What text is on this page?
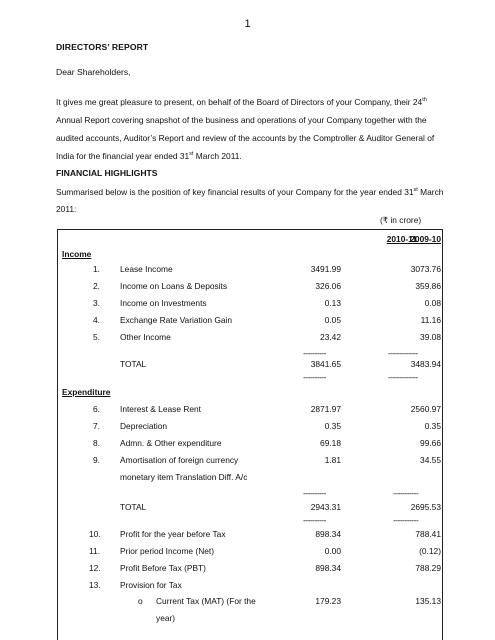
1
DIRECTORS’ REPORT
Dear Shareholders,
It gives me great pleasure to present, on behalf of the Board of Directors of your Company, their 24th Annual Report covering snapshot of the business and operations of your Company together with the audited accounts, Auditor’s Report and review of the accounts by the Comptroller & Auditor General of India for the financial year ended 31st March 2011.
FINANCIAL HIGHLIGHTS
Summarised below is the position of key financial results of your Company for the year ended 31st March 2011:
(₹ in crore)
2010-11
2009-10
Income
1. Lease Income	3491.99	3073.76
2. Income on Loans & Deposits	326.06	359.86
3. Income on Investments	0.13	0.08
4. Exchange Rate Variation Gain	0.05	11.16
5. Other Income	23.42	39.08
----------	-------------
TOTAL	3841.65	3483.94
----------	-------------
Expenditure
6. Interest & Lease Rent	2871.97	2560.97
7. Depreciation	0.35	0.35
8. Admn. & Other expenditure	69.18	99.66
9. Amortisation of foreign currency
monetary item Translation Diff. A/c
1.81	34.55
----------	-----------
TOTAL	2943.31	2695.53
----------	-----------
10. Profit for the year before Tax	898.34	788.41
11. Prior period Income (Net)	0.00	(0.12)
12. Profit Before Tax (PBT)	898.34	788.29
13. Provision for Tax
o Current Tax (MAT) (For the
year)
179.23	135.13
